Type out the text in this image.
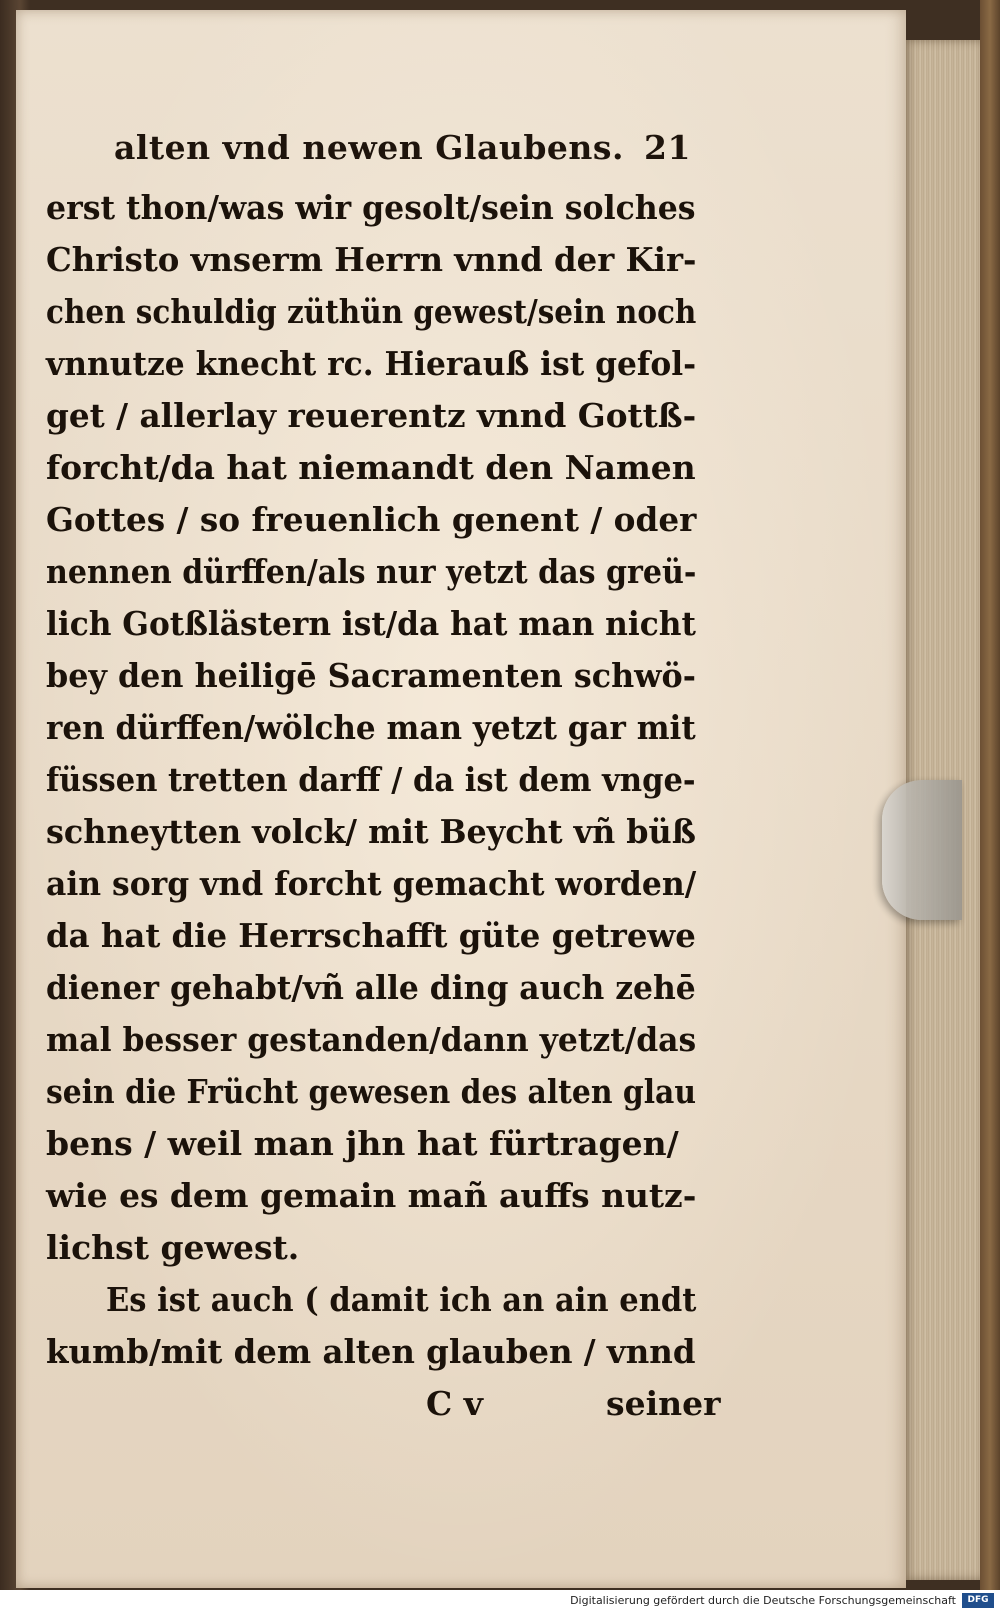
alten vnd newen Glaubens. 21
erst thon/was wir gesolt/sein solches
Christo vnserm Herrn vnnd der Kir-
chen schuldig züthün gewest/sein noch
vnnutze knecht rc. Hierauß ist gefol-
get / allerlay reuerentz vnnd Gottß-
forcht/da hat niemandt den Namen
Gottes / so freuenlich genent / oder
nennen dürffen/als nur yetzt das greü-
lich Gotßlästern ist/da hat man nicht
bey den heiligē Sacramenten schwö-
ren dürffen/wölche man yetzt gar mit
füssen tretten darff / da ist dem vnge-
schneytten volck/ mit Beycht vñ büß
ain sorg vnd forcht gemacht worden/
da hat die Herrschafft güte getrewe
diener gehabt/vñ alle ding auch zehē
mal besser gestanden/dann yetzt/das
sein die Frücht gewesen des alten glau
bens / weil man jhn hat fürtragen/
wie es dem gemain mañ auffs nutz-
lichst gewest.
Es ist auch ( damit ich an ain endt
kumb/mit dem alten glauben / vnnd
C v	seiner
Digitalisierung gefördert durch die Deutsche Forschungsgemeinschaft	DFG
